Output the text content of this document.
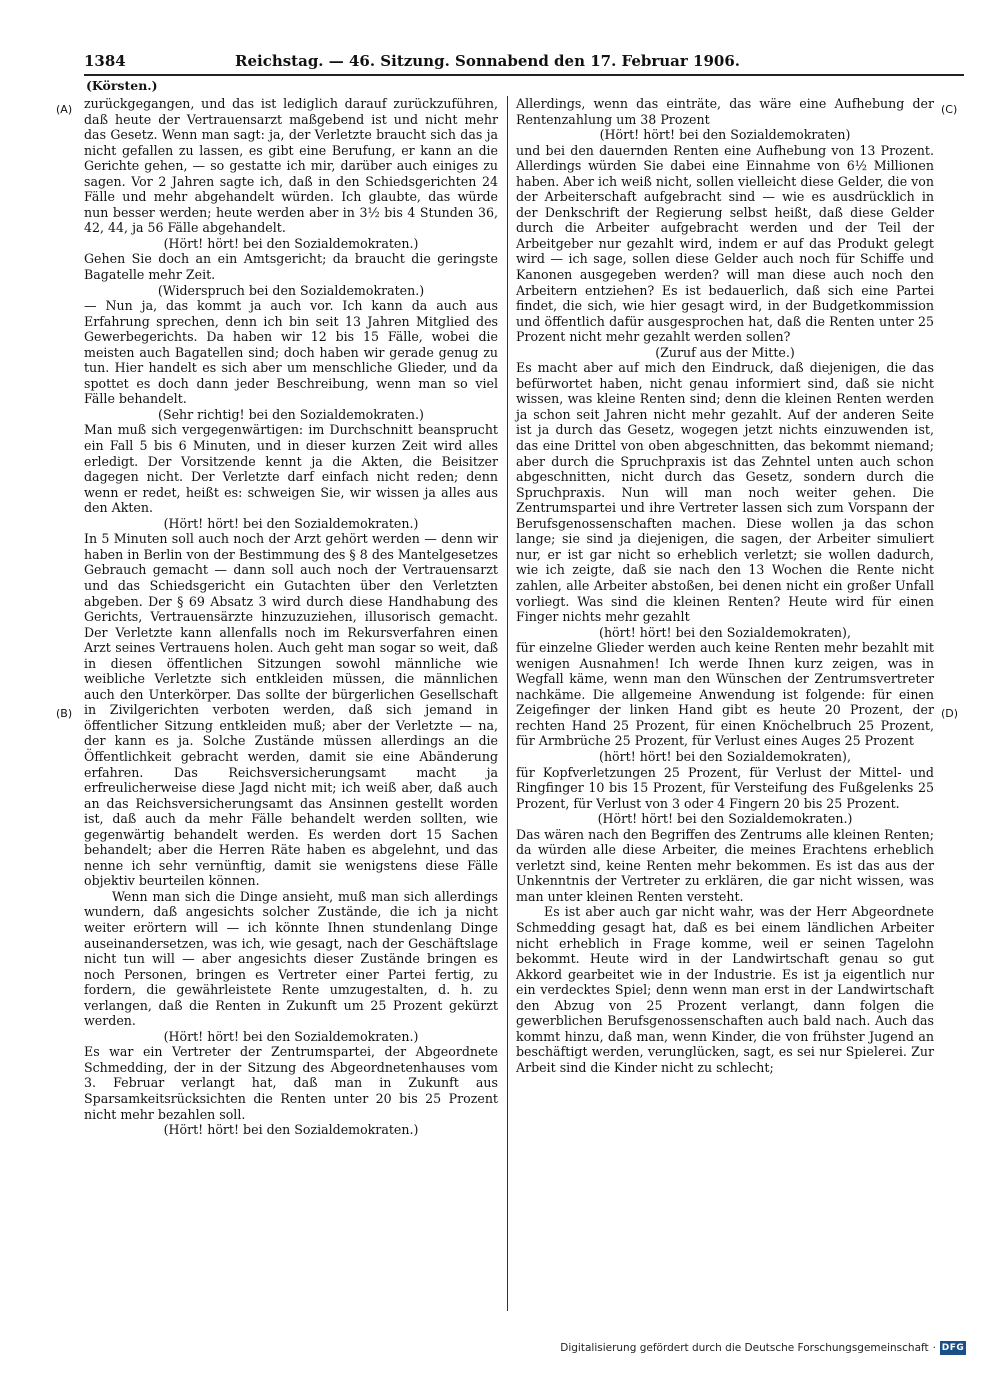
1384	Reichstag. — 46. Sitzung. Sonnabend den 17. Februar 1906.
(Körsten.)
(A)
(B)
(C)
(D)

zurückgegangen, und das ist lediglich darauf zurückzuführen, daß heute der Vertrauensarzt maßgebend ist und nicht mehr das Gesetz. Wenn man sagt: ja, der Verletzte braucht sich das ja nicht gefallen zu lassen, es gibt eine Berufung, er kann an die Gerichte gehen, — so gestatte ich mir, darüber auch einiges zu sagen. Vor 2 Jahren sagte ich, daß in den Schiedsgerichten 24 Fälle und mehr abgehandelt würden. Ich glaubte, das würde nun besser werden; heute werden aber in 3½ bis 4 Stunden 36, 42, 44, ja 56 Fälle abgehandelt.

(Hört! hört! bei den Sozialdemokraten.)

Gehen Sie doch an ein Amtsgericht; da braucht die geringste Bagatelle mehr Zeit.

(Widerspruch bei den Sozialdemokraten.)

— Nun ja, das kommt ja auch vor. Ich kann da auch aus Erfahrung sprechen, denn ich bin seit 13 Jahren Mitglied des Gewerbegerichts. Da haben wir 12 bis 15 Fälle, wobei die meisten auch Bagatellen sind; doch haben wir gerade genug zu tun. Hier handelt es sich aber um menschliche Glieder, und da spottet es doch dann jeder Beschreibung, wenn man so viel Fälle behandelt.

(Sehr richtig! bei den Sozialdemokraten.)

Man muß sich vergegenwärtigen: im Durchschnitt beansprucht ein Fall 5 bis 6 Minuten, und in dieser kurzen Zeit wird alles erledigt. Der Vorsitzende kennt ja die Akten, die Beisitzer dagegen nicht. Der Verletzte darf einfach nicht reden; denn wenn er redet, heißt es: schweigen Sie, wir wissen ja alles aus den Akten.

(Hört! hört! bei den Sozialdemokraten.)

In 5 Minuten soll auch noch der Arzt gehört werden — denn wir haben in Berlin von der Bestimmung des § 8 des Mantelgesetzes Gebrauch gemacht — dann soll auch noch der Vertrauensarzt und das Schiedsgericht ein Gutachten über den Verletzten abgeben. Der § 69 Absatz 3 wird durch diese Handhabung des Gerichts, Vertrauensärzte hinzuzuziehen, illusorisch gemacht. Der Verletzte kann allenfalls noch im Rekursverfahren einen Arzt seines Vertrauens holen. Auch geht man sogar so weit, daß in diesen öffentlichen Sitzungen sowohl männliche wie weibliche Verletzte sich entkleiden müssen, die männlichen auch den Unterkörper. Das sollte der bürgerlichen Gesellschaft in Zivilgerichten verboten werden, daß sich jemand in öffentlicher Sitzung entkleiden muß; aber der Verletzte — na, der kann es ja. Solche Zustände müssen allerdings an die Öffentlichkeit gebracht werden, damit sie eine Abänderung erfahren. Das Reichsversicherungsamt macht ja erfreulicherweise diese Jagd nicht mit; ich weiß aber, daß auch an das Reichsversicherungsamt das Ansinnen gestellt worden ist, daß auch da mehr Fälle behandelt werden sollten, wie gegenwärtig behandelt werden. Es werden dort 15 Sachen behandelt; aber die Herren Räte haben es abgelehnt, und das nenne ich sehr vernünftig, damit sie wenigstens diese Fälle objektiv beurteilen können.

Wenn man sich die Dinge ansieht, muß man sich allerdings wundern, daß angesichts solcher Zustände, die ich ja nicht weiter erörtern will — ich könnte Ihnen stundenlang Dinge auseinandersetzen, was ich, wie gesagt, nach der Geschäftslage nicht tun will — aber angesichts dieser Zustände bringen es noch Personen, bringen es Vertreter einer Partei fertig, zu fordern, die gewährleistete Rente umzugestalten, d. h. zu verlangen, daß die Renten in Zukunft um 25 Prozent gekürzt werden.

(Hört! hört! bei den Sozialdemokraten.)

Es war ein Vertreter der Zentrumspartei, der Abgeordnete Schmedding, der in der Sitzung des Abgeordnetenhauses vom 3. Februar verlangt hat, daß man in Zukunft aus Sparsamkeitsrücksichten die Renten unter 20 bis 25 Prozent nicht mehr bezahlen soll.

(Hört! hört! bei den Sozialdemokraten.)

Allerdings, wenn das einträte, das wäre eine Aufhebung der Rentenzahlung um 38 Prozent

(Hört! hört! bei den Sozialdemokraten)

und bei den dauernden Renten eine Aufhebung von 13 Prozent. Allerdings würden Sie dabei eine Einnahme von 6½ Millionen haben. Aber ich weiß nicht, sollen vielleicht diese Gelder, die von der Arbeiterschaft aufgebracht sind — wie es ausdrücklich in der Denkschrift der Regierung selbst heißt, daß diese Gelder durch die Arbeiter aufgebracht werden und der Teil der Arbeitgeber nur gezahlt wird, indem er auf das Produkt gelegt wird — ich sage, sollen diese Gelder auch noch für Schiffe und Kanonen ausgegeben werden? will man diese auch noch den Arbeitern entziehen? Es ist bedauerlich, daß sich eine Partei findet, die sich, wie hier gesagt wird, in der Budgetkommission und öffentlich dafür ausgesprochen hat, daß die Renten unter 25 Prozent nicht mehr gezahlt werden sollen?

(Zuruf aus der Mitte.)

Es macht aber auf mich den Eindruck, daß diejenigen, die das befürwortet haben, nicht genau informiert sind, daß sie nicht wissen, was kleine Renten sind; denn die kleinen Renten werden ja schon seit Jahren nicht mehr gezahlt. Auf der anderen Seite ist ja durch das Gesetz, wogegen jetzt nichts einzuwenden ist, das eine Drittel von oben abgeschnitten, das bekommt niemand; aber durch die Spruchpraxis ist das Zehntel unten auch schon abgeschnitten, nicht durch das Gesetz, sondern durch die Spruchpraxis. Nun will man noch weiter gehen. Die Zentrumspartei und ihre Vertreter lassen sich zum Vorspann der Berufsgenossenschaften machen. Diese wollen ja das schon lange; sie sind ja diejenigen, die sagen, der Arbeiter simuliert nur, er ist gar nicht so erheblich verletzt; sie wollen dadurch, wie ich zeigte, daß sie nach den 13 Wochen die Rente nicht zahlen, alle Arbeiter abstoßen, bei denen nicht ein großer Unfall vorliegt. Was sind die kleinen Renten? Heute wird für einen Finger nichts mehr gezahlt

(hört! hört! bei den Sozialdemokraten),

für einzelne Glieder werden auch keine Renten mehr bezahlt mit wenigen Ausnahmen! Ich werde Ihnen kurz zeigen, was in Wegfall käme, wenn man den Wünschen der Zentrumsvertreter nachkäme. Die allgemeine Anwendung ist folgende: für einen Zeigefinger der linken Hand gibt es heute 20 Prozent, der rechten Hand 25 Prozent, für einen Knöchelbruch 25 Prozent, für Armbrüche 25 Prozent, für Verlust eines Auges 25 Prozent

(hört! hört! bei den Sozialdemokraten),

für Kopfverletzungen 25 Prozent, für Verlust der Mittel- und Ringfinger 10 bis 15 Prozent, für Versteifung des Fußgelenks 25 Prozent, für Verlust von 3 oder 4 Fingern 20 bis 25 Prozent.

(Hört! hört! bei den Sozialdemokraten.)

Das wären nach den Begriffen des Zentrums alle kleinen Renten; da würden alle diese Arbeiter, die meines Erachtens erheblich verletzt sind, keine Renten mehr bekommen. Es ist das aus der Unkenntnis der Vertreter zu erklären, die gar nicht wissen, was man unter kleinen Renten versteht.

Es ist aber auch gar nicht wahr, was der Herr Abgeordnete Schmedding gesagt hat, daß es bei einem ländlichen Arbeiter nicht erheblich in Frage komme, weil er seinen Tagelohn bekommt. Heute wird in der Landwirtschaft genau so gut Akkord gearbeitet wie in der Industrie. Es ist ja eigentlich nur ein verdecktes Spiel; denn wenn man erst in der Landwirtschaft den Abzug von 25 Prozent verlangt, dann folgen die gewerblichen Berufsgenossenschaften auch bald nach. Auch das kommt hinzu, daß man, wenn Kinder, die von frühster Jugend an beschäftigt werden, verunglücken, sagt, es sei nur Spielerei. Zur Arbeit sind die Kinder nicht zu schlecht;

Digitalisierung gefördert durch die Deutsche Forschungsgemeinschaft · DFG
